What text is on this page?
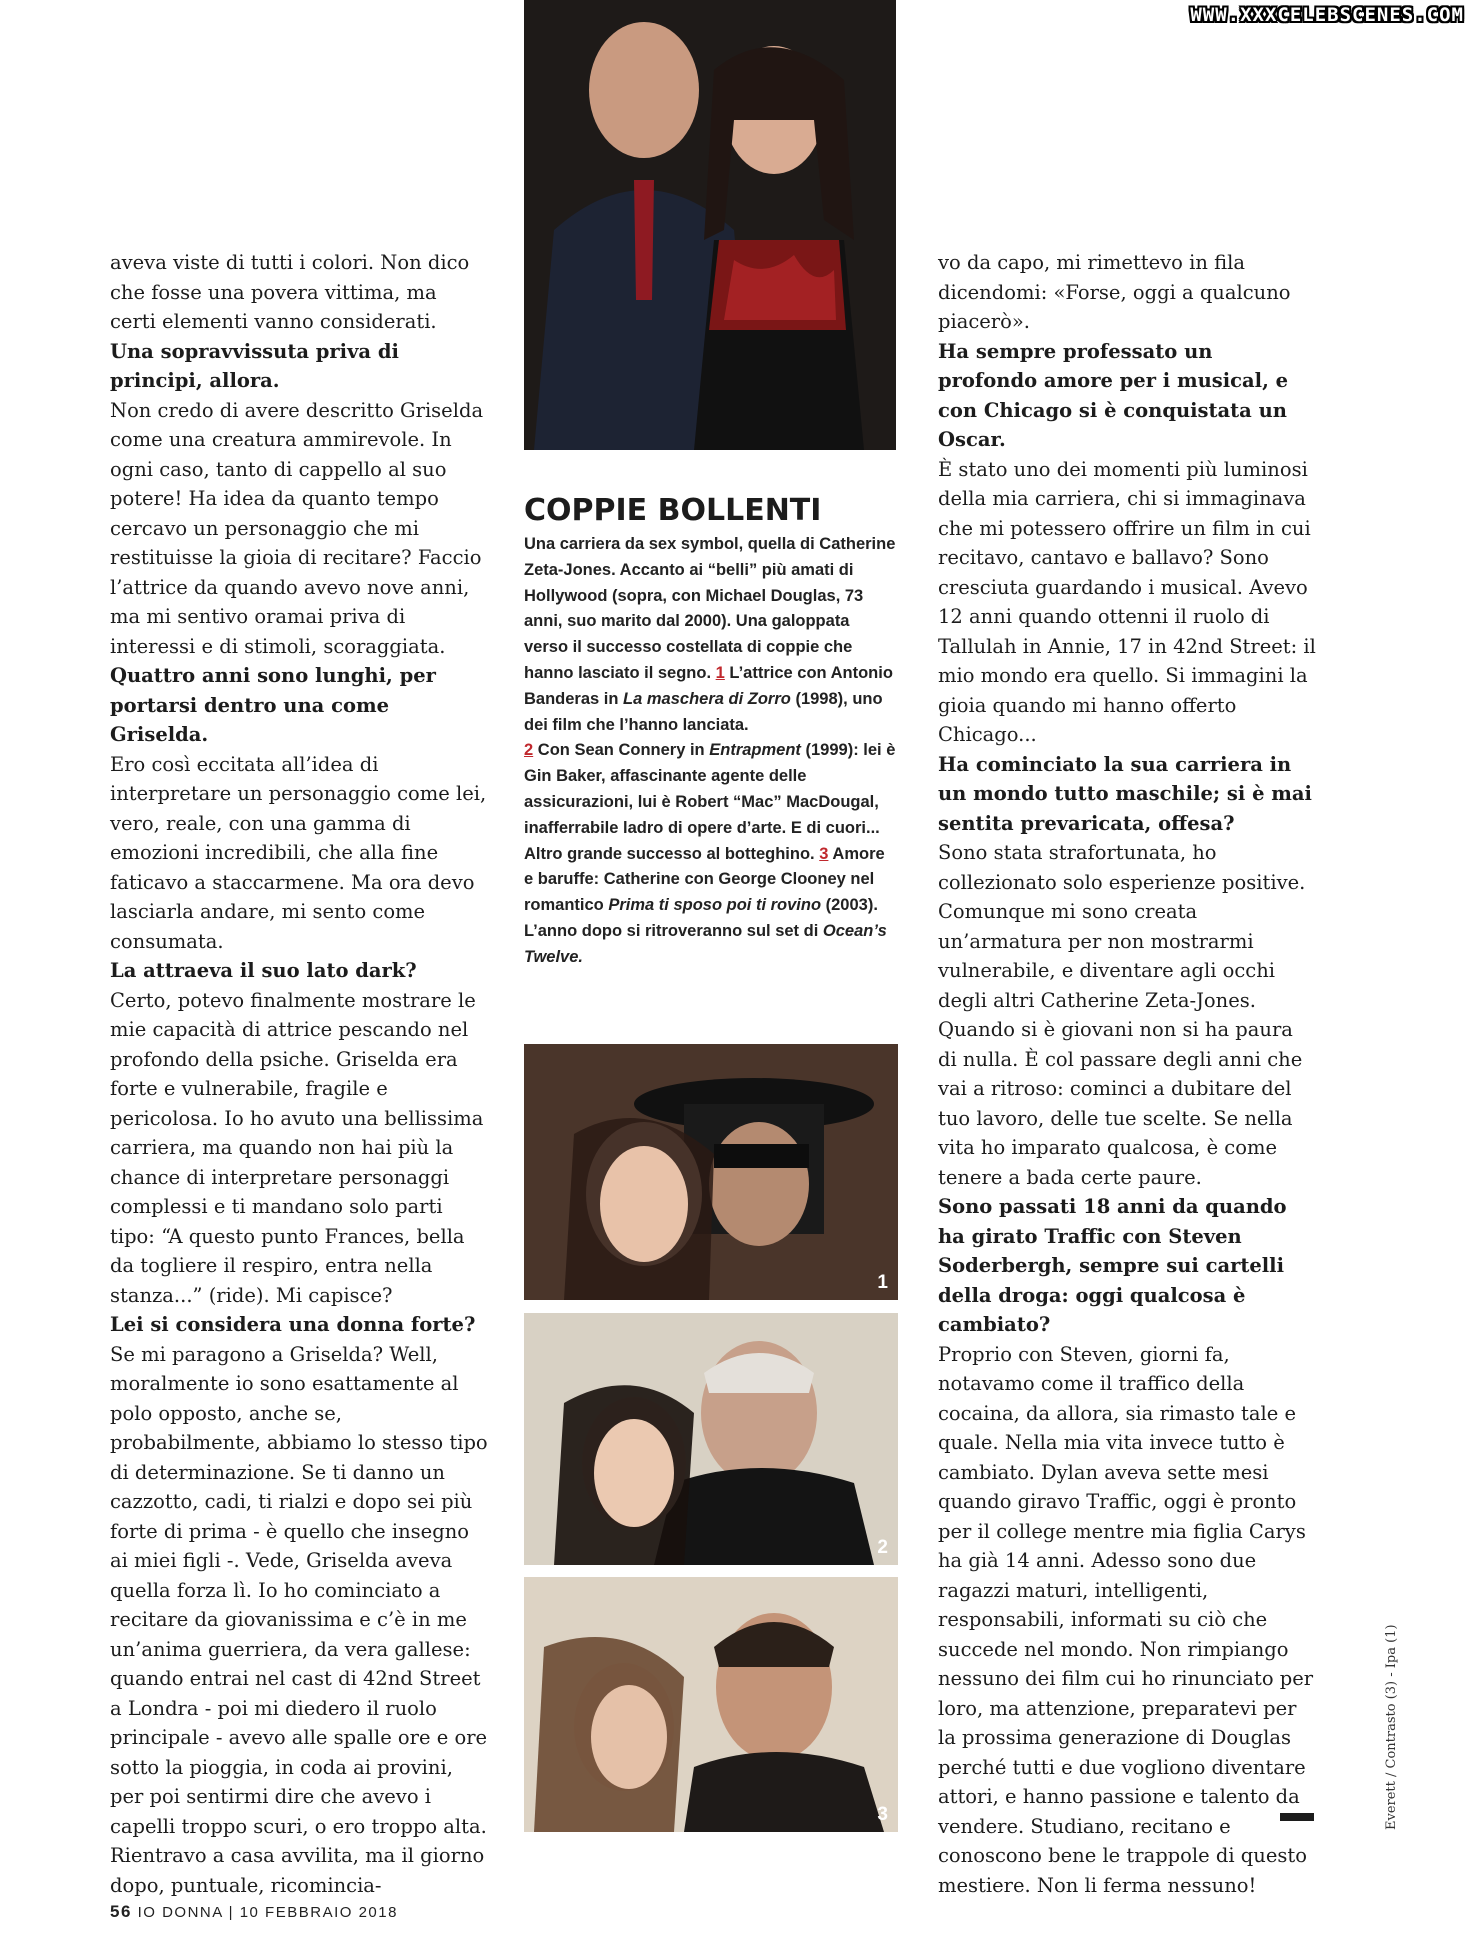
WWW.XXXCELEBSCENES.COM

aveva viste di tutti i colori. Non dico che fosse una povera vittima, ma certi elementi vanno considerati.

Una sopravvissuta priva di principi, allora.

Non credo di avere descritto Griselda come una creatura ammirevole. In ogni caso, tanto di cappello al suo potere! Ha idea da quanto tempo cercavo un personaggio che mi restituisse la gioia di recitare? Faccio l’attrice da quando avevo nove anni, ma mi sentivo oramai priva di interessi e di stimoli, scoraggiata.

Quattro anni sono lunghi, per portarsi dentro una come Griselda.

Ero così eccitata all’idea di interpretare un personaggio come lei, vero, reale, con una gamma di emozioni incredibili, che alla fine faticavo a staccarmene. Ma ora devo lasciarla andare, mi sento come consumata.

La attraeva il suo lato dark?

Certo, potevo finalmente mostrare le mie capacità di attrice pescando nel profondo della psiche. Griselda era forte e vulnerabile, fragile e pericolosa. Io ho avuto una bellissima carriera, ma quando non hai più la chance di interpretare personaggi complessi e ti mandano solo parti tipo: “A questo punto Frances, bella da togliere il respiro, entra nella stanza...” (ride). Mi capisce?

Lei si considera una donna forte?

Se mi paragono a Griselda? Well, moralmente io sono esattamente al polo opposto, anche se, probabilmente, abbiamo lo stesso tipo di determinazione. Se ti danno un cazzotto, cadi, ti rialzi e dopo sei più forte di prima - è quello che insegno ai miei figli -. Vede, Griselda aveva quella forza lì. Io ho cominciato a recitare da giovanissima e c’è in me un’anima guerriera, da vera gallese: quando entrai nel cast di 42nd Street a Londra - poi mi diedero il ruolo principale - avevo alle spalle ore e ore sotto la pioggia, in coda ai provini, per poi sentirmi dire che avevo i capelli troppo scuri, o ero troppo alta. Rientravo a casa avvilita, ma il giorno dopo, puntuale, ricomincia-

COPPIE BOLLENTI
Una carriera da sex symbol, quella di Catherine Zeta-Jones. Accanto ai “belli” più amati di Hollywood (sopra, con Michael Douglas, 73 anni, suo marito dal 2000). Una galoppata verso il successo costellata di coppie che hanno lasciato il segno. 1 L’attrice con Antonio Banderas in La maschera di Zorro (1998), uno dei film che l’hanno lanciata.
2 Con Sean Connery in Entrapment (1999): lei è Gin Baker, affascinante agente delle assicurazioni, lui è Robert “Mac” MacDougal, inafferrabile ladro di opere d’arte. E di cuori... Altro grande successo al botteghino. 3 Amore e baruffe: Catherine con George Clooney nel romantico Prima ti sposo poi ti rovino (2003). L’anno dopo si ritroveranno sul set di Ocean’s Twelve.
1
2
3

vo da capo, mi rimettevo in fila dicendomi: «Forse, oggi a qualcuno piacerò».

Ha sempre professato un profondo amore per i musical, e con Chicago si è conquistata un Oscar.

È stato uno dei momenti più luminosi della mia carriera, chi si immaginava che mi potessero offrire un film in cui recitavo, cantavo e ballavo? Sono cresciuta guardando i musical. Avevo 12 anni quando ottenni il ruolo di Tallulah in Annie, 17 in 42nd Street: il mio mondo era quello. Si immagini la gioia quando mi hanno offerto Chicago...

Ha cominciato la sua carriera in un mondo tutto maschile; si è mai sentita prevaricata, offesa?

Sono stata strafortunata, ho collezionato solo esperienze positive. Comunque mi sono creata un’armatura per non mostrarmi vulnerabile, e diventare agli occhi degli altri Catherine Zeta-Jones. Quando si è giovani non si ha paura di nulla. È col passare degli anni che vai a ritroso: cominci a dubitare del tuo lavoro, delle tue scelte. Se nella vita ho imparato qualcosa, è come tenere a bada certe paure.

Sono passati 18 anni da quando ha girato Traffic con Steven Soderbergh, sempre sui cartelli della droga: oggi qualcosa è cambiato?

Proprio con Steven, giorni fa, notavamo come il traffico della cocaina, da allora, sia rimasto tale e quale. Nella mia vita invece tutto è cambiato. Dylan aveva sette mesi quando giravo Traffic, oggi è pronto per il college mentre mia figlia Carys ha già 14 anni. Adesso sono due ragazzi maturi, intelligenti, responsabili, informati su ciò che succede nel mondo. Non rimpiango nessuno dei film cui ho rinunciato per loro, ma attenzione, preparatevi per la prossima generazione di Douglas perché tutti e due vogliono diventare attori, e hanno passione e talento da vendere. Studiano, recitano e conoscono bene le trappole di questo mestiere. Non li ferma nessuno!

Everett / Contrasto (3) - Ipa (1)
56 IO DONNA | 10 FEBBRAIO 2018
